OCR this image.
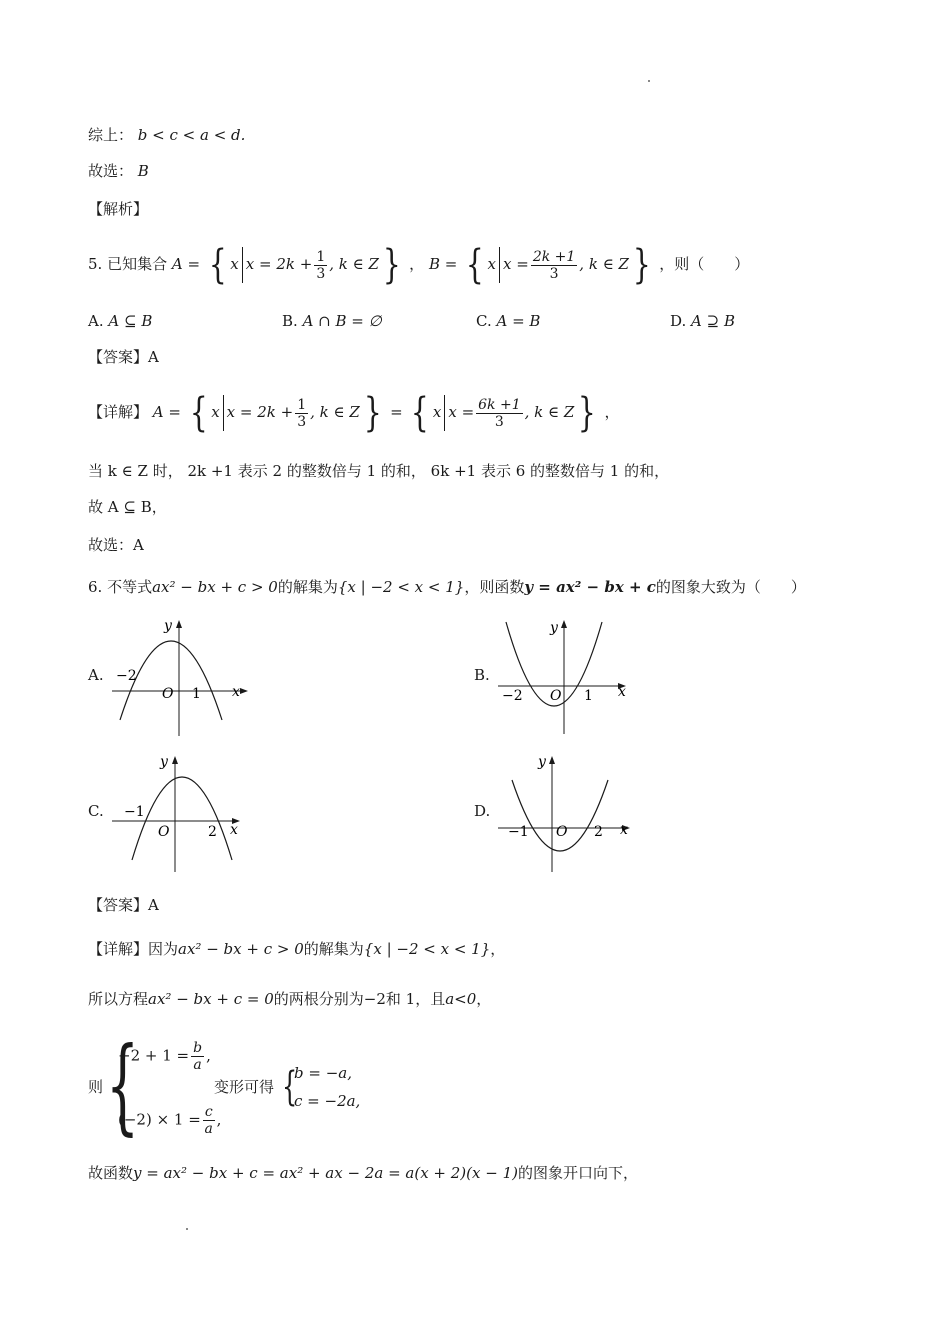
综上： b < c < a < d.
故选： B
【解析】
5. 已知集合 A = { x $x = 2k + \frac{1}{3}$ , k ∈ Z} ， B = { x $x = \frac{2k +1}{3}$ , k ∈ Z} ，则（　　）
A. A ⊆ B	B. A ∩ B = ∅	C. A = B	D. A ⊇ B
【答案】A
【详解】 A = { x $x = 2k + \frac{1}{3}$ , k ∈ Z} = { x $x = \frac{6k +1}{3}$ , k ∈ Z} ，
当 k ∈ Z 时， 2k +1 表示 2 的整数倍与 1 的和， 6k +1 表示 6 的整数倍与 1 的和，
故 A ⊆ B，
故选：A
6. 不等式ax² − bx + c > 0的解集为{x | −2 < x < 1}，则函数y = ax² − bx + c的图象大致为（　　）
A.
y
x
O
−2
1
B.
y
x
O
−2	1
C.
y
x
O
−1
2
D.
y
x
O
−1	2
【答案】A
【详解】因为ax² − bx + c > 0的解集为{x | −2 < x < 1}，
所以方程ax² − bx + c = 0的两根分别为−2和 1，且a<0，
则 {
$-2 + 1 = \frac{b}{a}$ ,
$(-2) \times 1 = \frac{c}{a}$ ,
变形可得 {
b = −a,
c = −2a,
故函数y = ax² − bx + c = ax² + ax − 2a = a(x + 2)(x − 1)的图象开口向下，
